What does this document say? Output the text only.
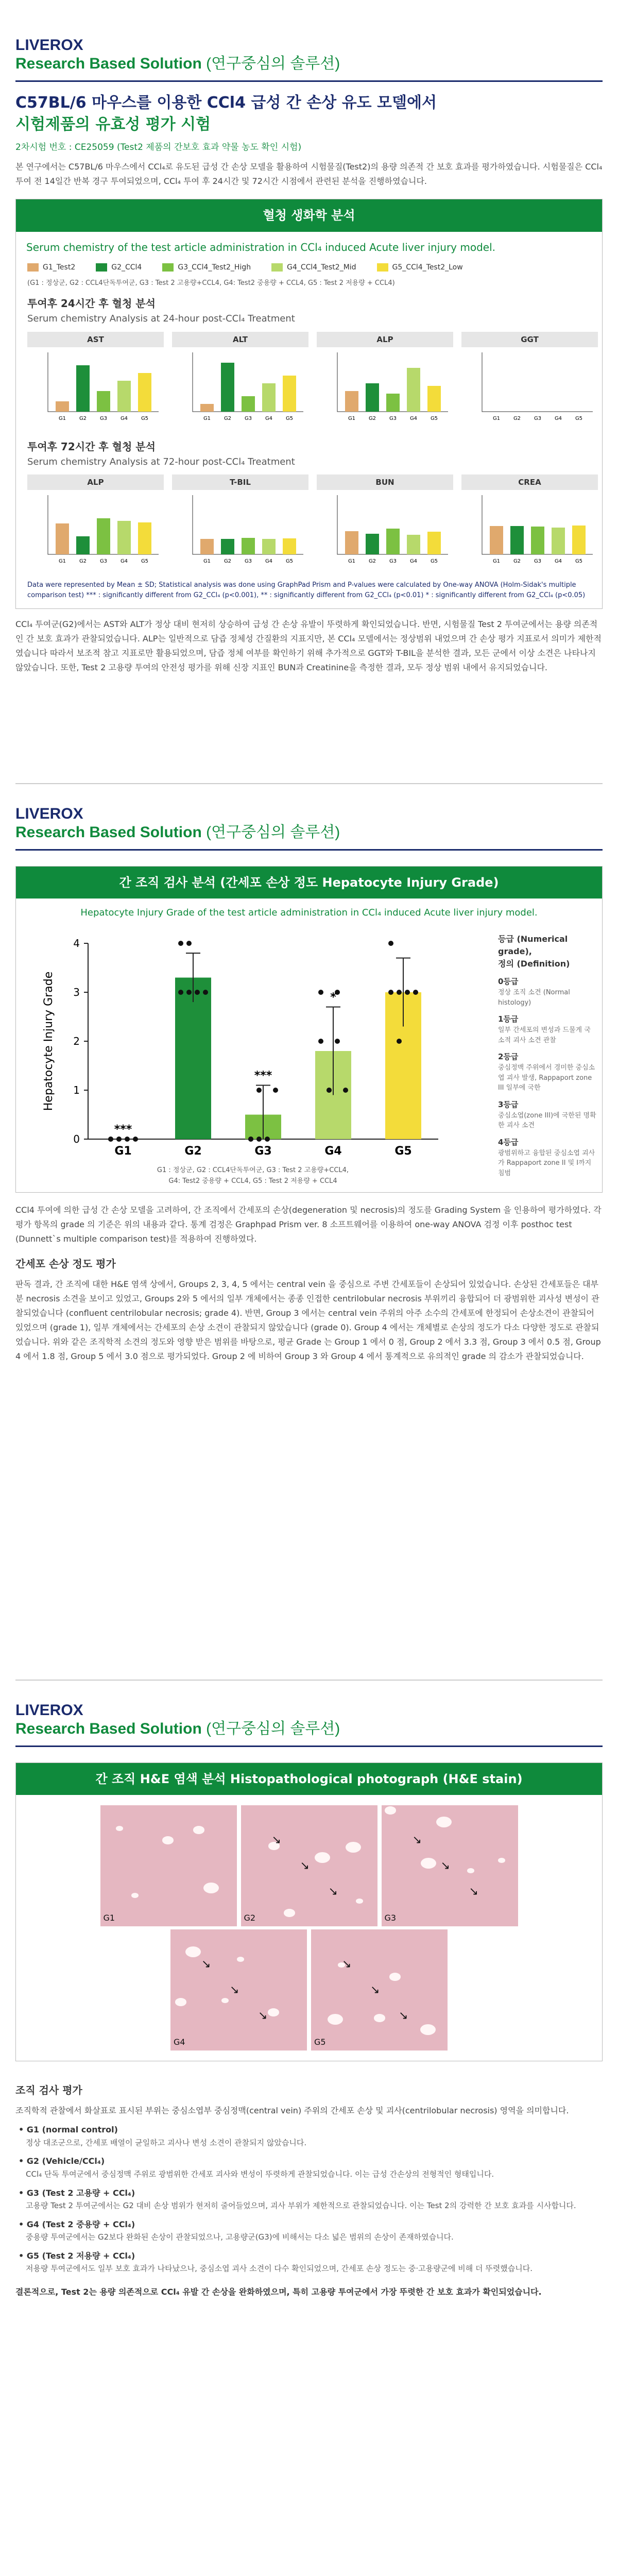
LIVEROX
Research Based Solution (연구중심의 솔루션)
C57BL/6 마우스를 이용한 CCl4 급성 간 손상 유도 모델에서
시험제품의 유효성 평가 시험
2차시험 번호 : CE25059 (Test2 제품의 간보호 효과 약물 농도 확인 시험)
본 연구에서는 C57BL/6 마우스에서 CCl₄로 유도된 급성 간 손상 모델을 활용하여 시험물질(Test2)의 용량 의존적 간 보호 효과를 평가하였습니다. 시험물질은 CCl₄ 투여 전 14일간 반복 경구 투여되었으며, CCl₄ 투여 후 24시간 및 72시간 시점에서 관련된 분석을 진행하였습니다.
혈청 생화학 분석
Serum chemistry of the test article administration in CCl₄ induced Acute liver injury model.
G1_Test2	G2_CCl4	G3_CCl4_Test2_High	G4_CCl4_Test2_Mid	G5_CCl4_Test2_Low
(G1 : 정상군, G2 : CCL4단독투여군, G3 : Test 2 고용량+CCL4, G4: Test2 중용량 + CCL4, G5 : Test 2 저용량 + CCL4)
투여후 24시간 후 혈청 분석
Serum chemistry Analysis at 24-hour post-CCl₄ Treatment
AST
G1	G2	G3	G4	G5
ALT
G1	G2	G3	G4	G5
ALP
G1	G2	G3	G4	G5
GGT
G1	G2	G3	G4	G5
투여후 72시간 후 혈청 분석
Serum chemistry Analysis at 72-hour post-CCl₄ Treatment
ALP
G1	G2	G3	G4	G5
T-BIL
G1	G2	G3	G4	G5
BUN
G1	G2	G3	G4	G5
CREA
G1	G2	G3	G4	G5
Data were represented by Mean ± SD; Statistical analysis was done using GraphPad Prism and P-values were calculated by One-way ANOVA (Holm-Sidak's multiple comparison test) *** : significantly different from G2_CCl₄ (p<0.001), ** : significantly different from G2_CCl₄ (p<0.01) * : significantly different from G2_CCl₄ (p<0.05)
CCl₄ 투여군(G2)에서는 AST와 ALT가 정상 대비 현저히 상승하여 급성 간 손상 유발이 뚜렷하게 확인되었습니다. 반면, 시험물질 Test 2 투여군에서는 용량 의존적인 간 보호 효과가 관찰되었습니다. ALP는 일반적으로 담즙 정체성 간질환의 지표지만, 본 CCl₄ 모델에서는 정상범위 내었으며 간 손상 평가 지표로서 의미가 제한적였습니다 따라서 보조적 참고 지표로만 활용되었으며, 담즙 정체 여부를 확인하기 위해 추가적으로 GGT와 T-BIL을 분석한 결과, 모든 군에서 이상 소견은 나타나지 않았습니다. 또한, Test 2 고용량 투여의 안전성 평가를 위해 신장 지표인 BUN과 Creatinine을 측정한 결과, 모두 정상 범위 내에서 유지되었습니다.
LIVEROX
Research Based Solution (연구중심의 솔루션)
간 조직 검사 분석 (간세포 손상 정도 Hepatocyte Injury Grade)
Hepatocyte Injury Grade of the test article administration in CCl₄ induced Acute liver injury model.
0
1
2
3
4
Hepatocyte Injury Grade
***
G1	G2
***
G3
*
G4	G5
G1 : 정상군, G2 : CCL4단독투여군, G3 : Test 2 고용량+CCL4,
G4: Test2 중용량 + CCL4, G5 : Test 2 저용량 + CCL4
등급 (Numerical grade),
정의 (Definition)
0등급
정상 조직 소견 (Normal histology)
1등급
일부 간세포의 변성과 드물게 국소적 괴사 소견 관찰
2등급
중심정맥 주위에서 경미한 중심소엽 괴사 발생, Rappaport zone III 일부에 국한
3등급
중심소엽(zone III)에 국한된 명확한 괴사 소견
4등급
광범위하고 융합된 중심소엽 괴사가 Rappaport zone II 및 I까지 침범
CCl4 투여에 의한 급성 간 손상 모델을 고려하여, 간 조직에서 간세포의 손상(degeneration 및 necrosis)의 정도를 Grading System 을 인용하여 평가하였다. 각 평가 항목의 grade 의 기준은 위의 내용과 같다. 통계 검정은 Graphpad Prism ver. 8 소프트웨어를 이용하여 one-way ANOVA 검정 이후 posthoc test (Dunnett`s multiple comparison test)를 적용하여 진행하였다.
간세포 손상 정도 평가
판독 결과, 간 조직에 대한 H&E 염색 상에서, Groups 2, 3, 4, 5 에서는 central vein 을 중심으로 주변 간세포들이 손상되어 있었습니다. 손상된 간세포들은 대부분 necrosis 소견을 보이고 있었고, Groups 2와 5 에서의 일부 개체에서는 종종 인접한 centrilobular necrosis 부위끼리 융합되어 더 광범위한 괴사성 변성이 관찰되었습니다 (confluent centrilobular necrosis; grade 4). 반면, Group 3 에서는 central vein 주위의 아주 소수의 간세포에 한정되어 손상소견이 관찰되어 있었으며 (grade 1), 일부 개체에서는 간세포의 손상 소견이 관찰되지 않았습니다 (grade 0). Group 4 에서는 개체별로 손상의 정도가 다소 다양한 정도로 관찰되었습니다. 위와 같은 조직학적 소견의 정도와 영향 받은 범위를 바탕으로, 평균 Grade 는 Group 1 에서 0 점, Group 2 에서 3.3 점, Group 3 에서 0.5 점, Group 4 에서 1.8 점, Group 5 에서 3.0 점으로 평가되었다. Group 2 에 비하여 Group 3 와 Group 4 에서 통계적으로 유의적인 grade 의 감소가 관찰되었습니다.
LIVEROX
Research Based Solution (연구중심의 솔루션)
간 조직 H&E 염색 분석 Histopathological photograph (H&E stain)
G1
↘
↘
↘
G2
↘
↘
↘
G3
↘
↘
↘
G4
↘
↘
↘
G5
조직 검사 평가
조직학적 관찰에서 화살표로 표시된 부위는 중심소엽부 중심정맥(central vein) 주위의 간세포 손상 및 괴사(centrilobular necrosis) 영역을 의미합니다.
• G1 (normal control)
정상 대조군으로, 간세포 배열이 균일하고 괴사나 변성 소견이 관찰되지 않았습니다.
• G2 (Vehicle/CCl₄)
CCl₄ 단독 투여군에서 중심정맥 주위로 광범위한 간세포 괴사와 변성이 뚜렷하게 관찰되었습니다. 이는 급성 간손상의 전형적인 형태입니다.
• G3 (Test 2 고용량 + CCl₄)
고용량 Test 2 투여군에서는 G2 대비 손상 범위가 현저히 줄어들었으며, 괴사 부위가 제한적으로 관찰되었습니다. 이는 Test 2의 강력한 간 보호 효과를 시사합니다.
• G4 (Test 2 중용량 + CCl₄)
중용량 투여군에서는 G2보다 완화된 손상이 관찰되었으나, 고용량군(G3)에 비해서는 다소 넓은 범위의 손상이 존재하였습니다.
• G5 (Test 2 저용량 + CCl₄)
저용량 투여군에서도 일부 보호 효과가 나타났으나, 중심소엽 괴사 소견이 다수 확인되었으며, 간세포 손상 정도는 중·고용량군에 비해 더 뚜렷했습니다.
결론적으로, Test 2는 용량 의존적으로 CCl₄ 유발 간 손상을 완화하였으며, 특히 고용량 투여군에서 가장 뚜렷한 간 보호 효과가 확인되었습니다.
